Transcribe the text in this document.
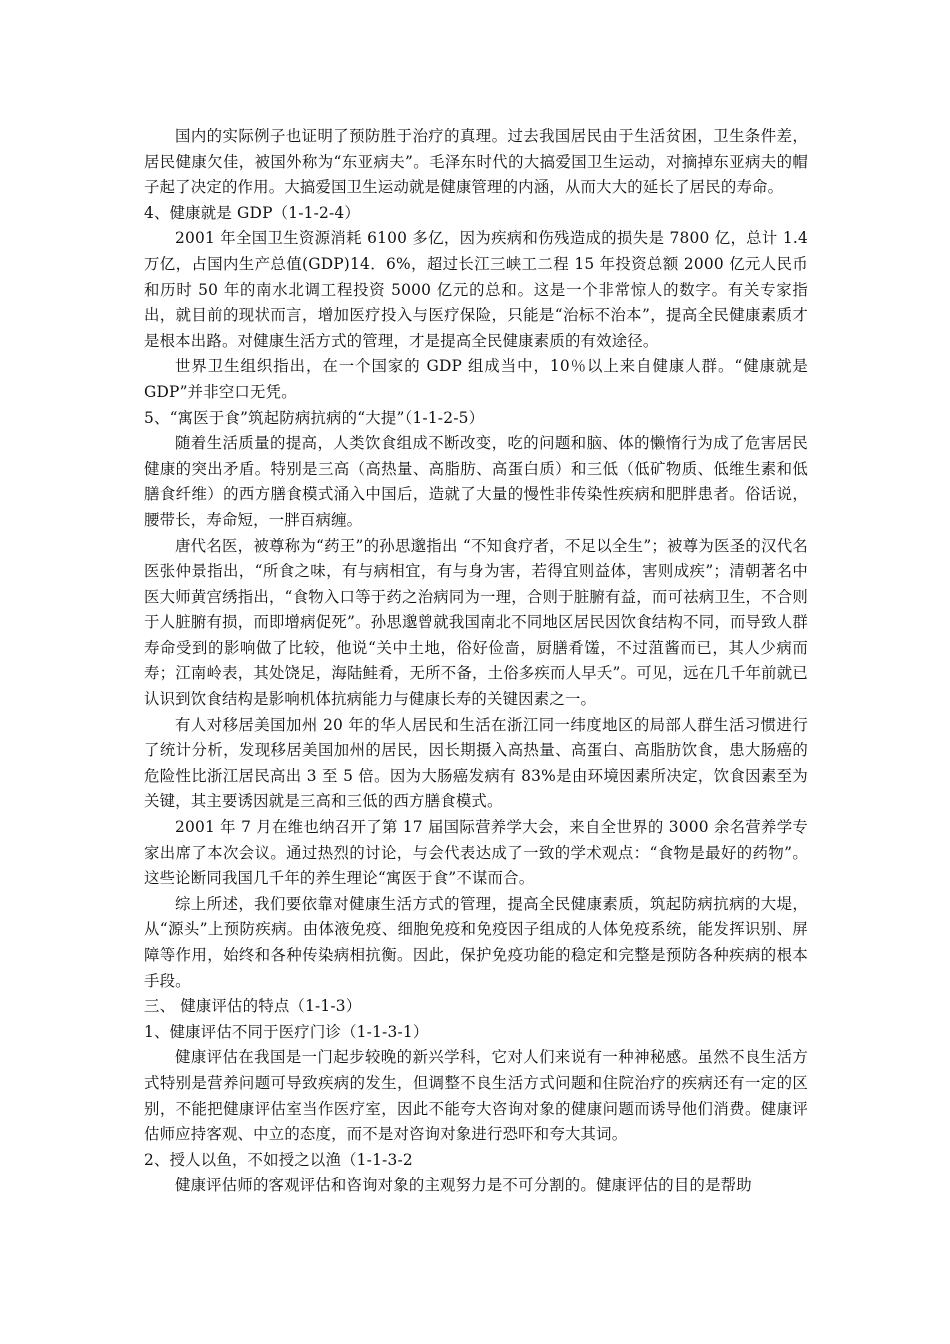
国内的实际例子也证明了预防胜于治疗的真理。过去我国居民由于生活贫困，卫生条件差，居民健康欠佳，被国外称为“东亚病夫”。毛泽东时代的大搞爱国卫生运动，对摘掉东亚病夫的帽子起了决定的作用。大搞爱国卫生运动就是健康管理的内涵，从而大大的延长了居民的寿命。

4、健康就是 GDP（1-1-2-4）

2001 年全国卫生资源消耗 6100 多亿，因为疾病和伤残造成的损失是 7800 亿，总计 1.4 万亿，占国内生产总值(GDP)14．6%，超过长江三峡工二程 15 年投资总额 2000 亿元人民币和历时 50 年的南水北调工程投资 5000 亿元的总和。这是一个非常惊人的数字。有关专家指出，就目前的现状而言，增加医疗投入与医疗保险，只能是“治标不治本”，提高全民健康素质才是根本出路。对健康生活方式的管理，才是提高全民健康素质的有效途径。

世界卫生组织指出，在一个国家的 GDP 组成当中，10％以上来自健康人群。“健康就是 GDP”并非空口无凭。

5、“寓医于食”筑起防病抗病的“大提”（1-1-2-5）

随着生活质量的提高，人类饮食组成不断改变，吃的问题和脑、体的懒惰行为成了危害居民健康的突出矛盾。特别是三高（高热量、高脂肪、高蛋白质）和三低（低矿物质、低维生素和低膳食纤维）的西方膳食模式涌入中国后，造就了大量的慢性非传染性疾病和肥胖患者。俗话说，腰带长，寿命短，一胖百病缠。

唐代名医，被尊称为“药王”的孙思邈指出 “不知食疗者，不足以全生”；被尊为医圣的汉代名医张仲景指出，“所食之味，有与病相宜，有与身为害，若得宜则益体，害则成疾”；清朝著名中医大师黄宫绣指出，“食物入口等于药之治病同为一理，合则于脏腑有益，而可祛病卫生，不合则于人脏腑有损，而即增病促死”。孙思邈曾就我国南北不同地区居民因饮食结构不同，而导致人群寿命受到的影响做了比较，他说“关中土地，俗好俭啬，厨膳肴馐，不过菹酱而已，其人少病而寿；江南岭表，其处饶足，海陆鲑肴，无所不备，土俗多疾而人早夭”。可见，远在几千年前就已认识到饮食结构是影响机体抗病能力与健康长寿的关键因素之一。

有人对移居美国加州 20 年的华人居民和生活在浙江同一纬度地区的局部人群生活习惯进行了统计分析，发现移居美国加州的居民，因长期摄入高热量、高蛋白、高脂肪饮食，患大肠癌的危险性比浙江居民高出 3 至 5 倍。因为大肠癌发病有 83%是由环境因素所决定，饮食因素至为关键，其主要诱因就是三高和三低的西方膳食模式。

2001 年 7 月在维也纳召开了第 17 届国际营养学大会，来自全世界的 3000 余名营养学专家出席了本次会议。通过热烈的讨论，与会代表达成了一致的学术观点：“食物是最好的药物”。这些论断同我国几千年的养生理论“寓医于食”不谋而合。

综上所述，我们要依靠对健康生活方式的管理，提高全民健康素质，筑起防病抗病的大堤，从“源头”上预防疾病。由体液免疫、细胞免疫和免疫因子组成的人体免疫系统，能发挥识别、屏障等作用，始终和各种传染病相抗衡。因此，保护免疫功能的稳定和完整是预防各种疾病的根本手段。

三、 健康评估的特点（1-1-3）

1、健康评估不同于医疗门诊（1-1-3-1）

健康评估在我国是一门起步较晚的新兴学科，它对人们来说有一种神秘感。虽然不良生活方式特别是营养问题可导致疾病的发生，但调整不良生活方式问题和住院治疗的疾病还有一定的区别，不能把健康评估室当作医疗室，因此不能夸大咨询对象的健康问题而诱导他们消费。健康评估师应持客观、中立的态度，而不是对咨询对象进行恐吓和夸大其词。

2、授人以鱼，不如授之以渔（1-1-3-2

健康评估师的客观评估和咨询对象的主观努力是不可分割的。健康评估的目的是帮助
